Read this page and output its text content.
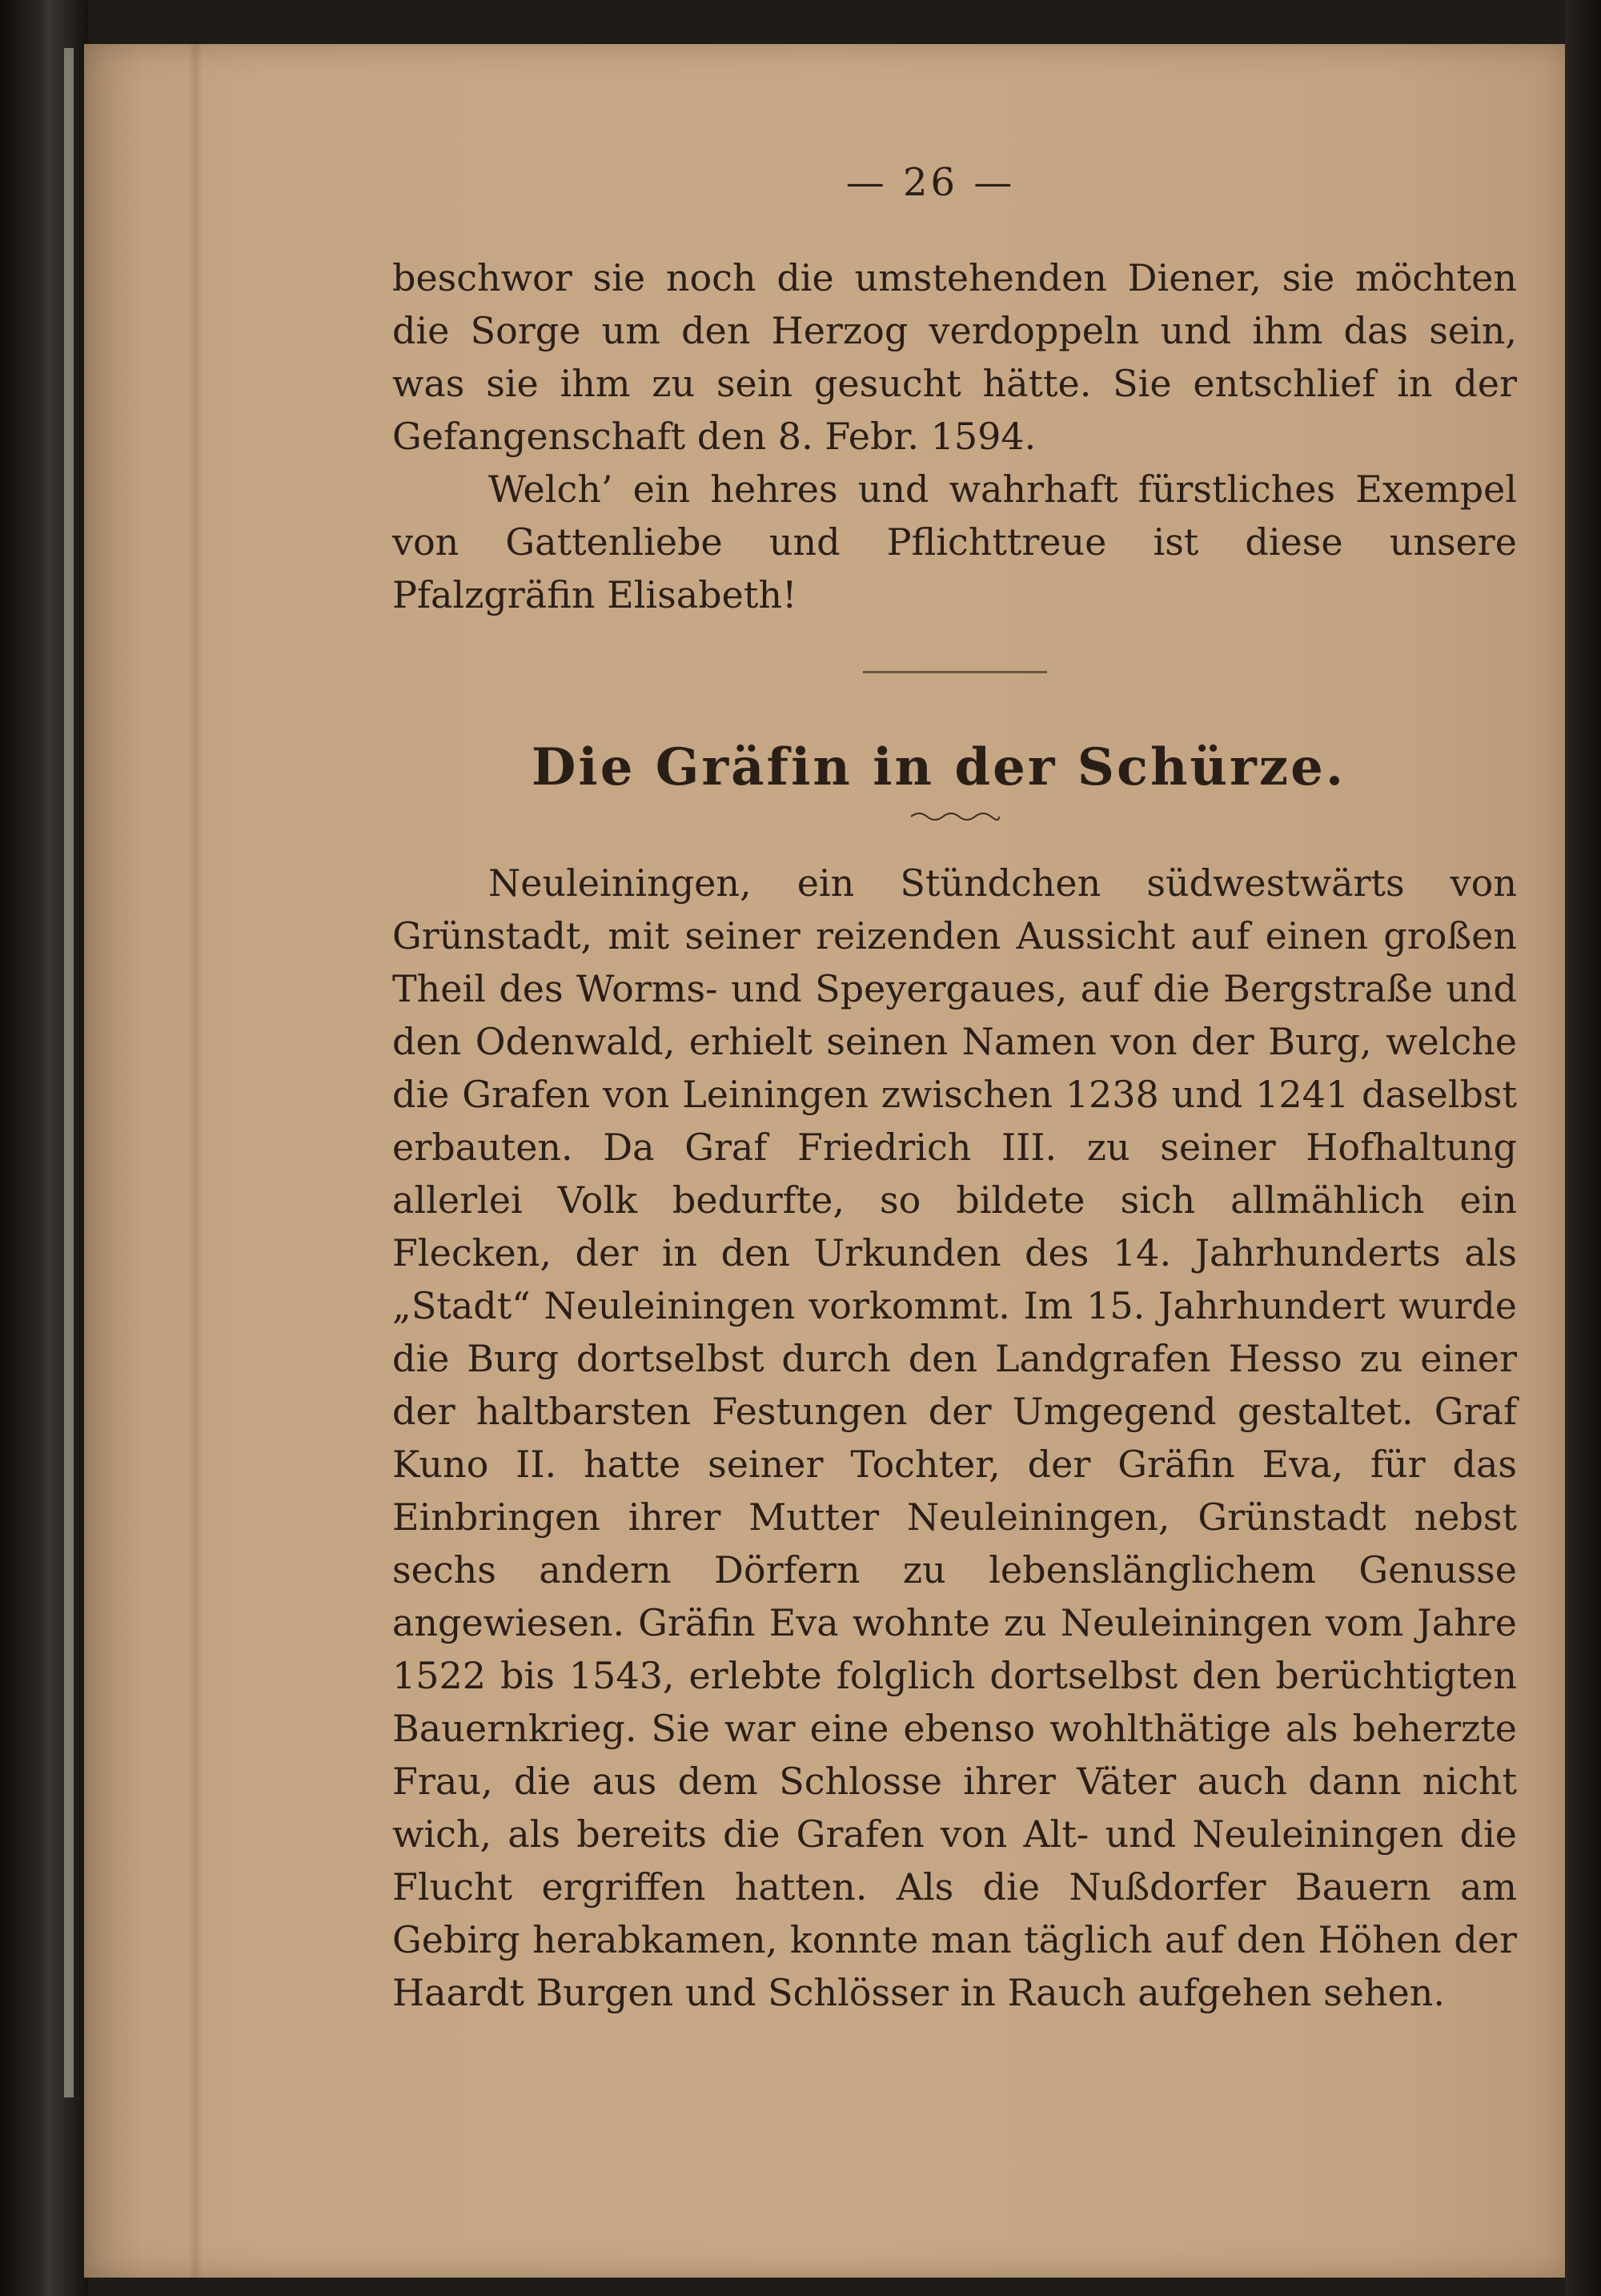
— 26 —

beschwor sie noch die umstehenden Diener, sie möchten die Sorge um den Herzog verdoppeln und ihm das sein, was sie ihm zu sein gesucht hätte. Sie entschlief in der Gefangenschaft den 8. Febr. 1594.

Welch’ ein hehres und wahrhaft fürstliches Exempel von Gattenliebe und Pflichttreue ist diese unsere Pfalzgräfin Elisabeth!

Die Gräfin in der Schürze.

Neuleiningen, ein Stündchen südwestwärts von Grünstadt, mit seiner reizenden Aussicht auf einen großen Theil des Worms- und Speyergaues, auf die Bergstraße und den Odenwald, erhielt seinen Namen von der Burg, welche die Grafen von Leiningen zwischen 1238 und 1241 daselbst erbauten. Da Graf Friedrich III. zu seiner Hofhaltung allerlei Volk bedurfte, so bildete sich allmählich ein Flecken, der in den Urkunden des 14. Jahrhunderts als „Stadt“ Neuleiningen vorkommt. Im 15. Jahrhundert wurde die Burg dortselbst durch den Landgrafen Hesso zu einer der haltbarsten Festungen der Umgegend gestaltet. Graf Kuno II. hatte seiner Tochter, der Gräfin Eva, für das Einbringen ihrer Mutter Neuleiningen, Grünstadt nebst sechs andern Dörfern zu lebenslänglichem Genusse angewiesen. Gräfin Eva wohnte zu Neuleiningen vom Jahre 1522 bis 1543, erlebte folglich dortselbst den berüchtigten Bauernkrieg. Sie war eine ebenso wohlthätige als beherzte Frau, die aus dem Schlosse ihrer Väter auch dann nicht wich, als bereits die Grafen von Alt- und Neuleiningen die Flucht ergriffen hatten. Als die Nußdorfer Bauern am Gebirg herabkamen, konnte man täglich auf den Höhen der Haardt Burgen und Schlösser in Rauch aufgehen sehen.
